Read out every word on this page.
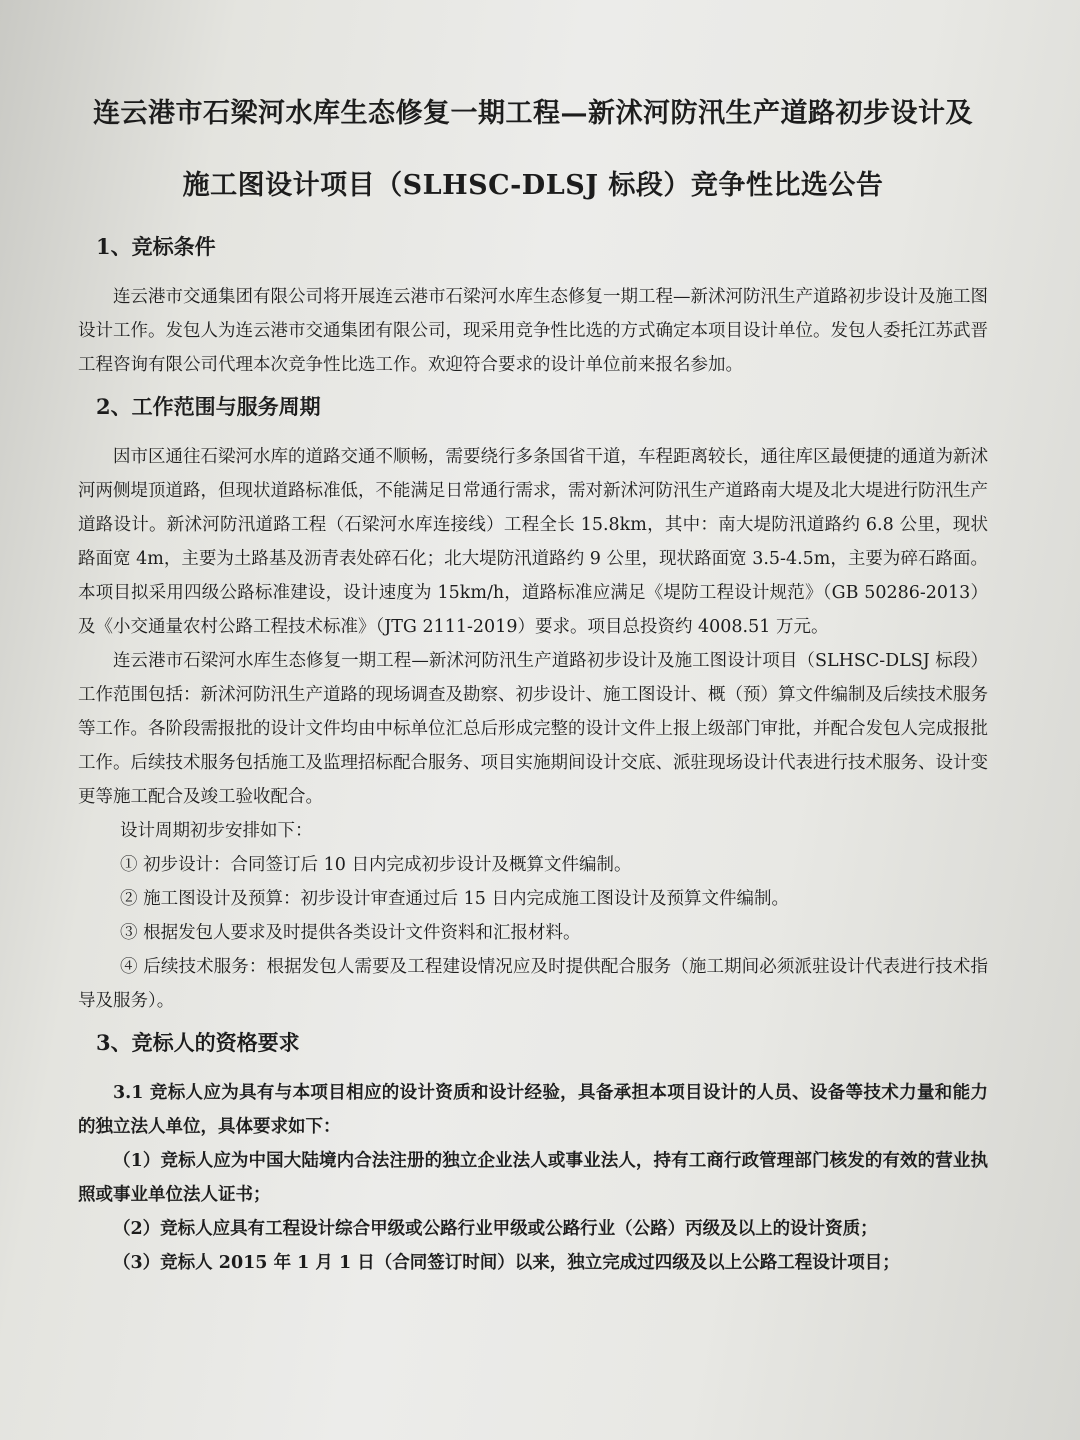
连云港市石梁河水库生态修复一期工程—新沭河防汛生产道路初步设计及
施工图设计项目（SLHSC-DLSJ 标段）竞争性比选公告
1、竞标条件

连云港市交通集团有限公司将开展连云港市石梁河水库生态修复一期工程—新沭河防汛生产道路初步设计及施工图设计工作。发包人为连云港市交通集团有限公司，现采用竞争性比选的方式确定本项目设计单位。发包人委托江苏武晋工程咨询有限公司代理本次竞争性比选工作。欢迎符合要求的设计单位前来报名参加。

2、工作范围与服务周期

因市区通往石梁河水库的道路交通不顺畅，需要绕行多条国省干道，车程距离较长，通往库区最便捷的通道为新沭河两侧堤顶道路，但现状道路标准低，不能满足日常通行需求，需对新沭河防汛生产道路南大堤及北大堤进行防汛生产道路设计。新沭河防汛道路工程（石梁河水库连接线）工程全长 15.8km，其中：南大堤防汛道路约 6.8 公里，现状路面宽 4m，主要为土路基及沥青表处碎石化；北大堤防汛道路约 9 公里，现状路面宽 3.5-4.5m，主要为碎石路面。本项目拟采用四级公路标准建设，设计速度为 15km/h，道路标准应满足《堤防工程设计规范》（GB 50286-2013）及《小交通量农村公路工程技术标准》（JTG 2111-2019）要求。项目总投资约 4008.51 万元。

连云港市石梁河水库生态修复一期工程—新沭河防汛生产道路初步设计及施工图设计项目（SLHSC-DLSJ 标段）工作范围包括：新沭河防汛生产道路的现场调查及勘察、初步设计、施工图设计、概（预）算文件编制及后续技术服务等工作。各阶段需报批的设计文件均由中标单位汇总后形成完整的设计文件上报上级部门审批，并配合发包人完成报批工作。后续技术服务包括施工及监理招标配合服务、项目实施期间设计交底、派驻现场设计代表进行技术服务、设计变更等施工配合及竣工验收配合。

设计周期初步安排如下：

① 初步设计：合同签订后 10 日内完成初步设计及概算文件编制。

② 施工图设计及预算：初步设计审查通过后 15 日内完成施工图设计及预算文件编制。

③ 根据发包人要求及时提供各类设计文件资料和汇报材料。

④ 后续技术服务：根据发包人需要及工程建设情况应及时提供配合服务（施工期间必须派驻设计代表进行技术指导及服务）。

3、竞标人的资格要求

3.1 竞标人应为具有与本项目相应的设计资质和设计经验，具备承担本项目设计的人员、设备等技术力量和能力的独立法人单位，具体要求如下：

（1）竞标人应为中国大陆境内合法注册的独立企业法人或事业法人，持有工商行政管理部门核发的有效的营业执照或事业单位法人证书；

（2）竞标人应具有工程设计综合甲级或公路行业甲级或公路行业（公路）丙级及以上的设计资质；

（3）竞标人 2015 年 1 月 1 日（合同签订时间）以来，独立完成过四级及以上公路工程设计项目；
